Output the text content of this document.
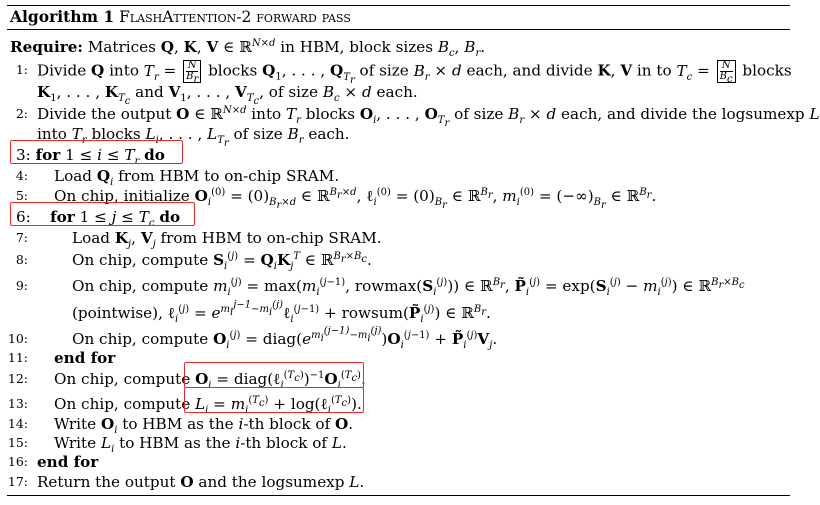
Algorithm 1 FlashAttention-2 forward pass
Require: Matrices Q, K, V ∈ ℝ$^{N\times d}$ in HBM, block sizes $B_c$, $B_r$.
1: Divide Q into $T_r = \frac{N}{B_r}$ blocks $Q_1$, . . . , $Q_{T_r}$ of size $B_r \times d$ each, and divide K, V in to $T_c = \frac{N}{B_c}$ blocks
$K_1$, . . . , $K_{T_c}$ and $V_1$, . . . , $V_{T_c}$, of size $B_c \times d$ each.
2: Divide the output O ∈ ℝ$^{N\times d}$ into $T_r$ blocks $O_i$, . . . , $O_{T_r}$ of size $B_r \times d$ each, and divide the logsumexp L
into $T_r$ blocks $L_i$, . . . , $L_{T_r}$ of size $B_r$ each.
3: for $1 \le i \le T_r$ do
4: Load $Q_i$ from HBM to on-chip SRAM.
5: On chip, initialize $O_i^{(0)} = (0)_{B_r\times d}$ ∈ ℝ$^{B_r\times d}$, ℓ$_i^{(0)}$ = $(0)_{B_r}$ ∈ ℝ$^{B_r}$, $m_i^{(0)} = (-\infty)_{B_r}$ ∈ ℝ$^{B_r}$.
6:    for $1 \le j \le T_c$ do
7:	Load $K_j$, $V_j$ from HBM to on-chip SRAM.
8:	On chip, compute $S_i^{(j)} = Q_iK_j^T$ ∈ ℝ$^{B_r\times B_c}$.
9:	On chip, compute $m_i^{(j)} = \max(m_i^{(j-1)}$, $rowmax(S_i^{(j)})$) ∈ ℝ$^{B_r}$, $P̃_i^{(j)} = \exp(S_i^{(j)} - m_i^{(j)})$ ∈ ℝ$^{B_r\times B_c}$
(pointwise), ℓ$_i^{(j)}$ = $e^{m_i^{j-1}-m_i^{(j)}}\ell_i^{(j-1)}$ + $rowsum(P̃_i^{(j)})$ ∈ ℝ$^{B_r}$.
10:	On chip, compute $O_i^{(j)}$ = $diag(e^{m_i^{(j-1)}-m_i^{(j)}})O_i^{(j-1)}$ + $P̃_i^{(j)}V_j$.
11: end for
12: On chip, compute $O_i$ = $diag(\ell_i^{(T_c)})^{-1}O_i^{(T_c)}$.
13: On chip, compute $L_i = m_i^{(T_c)}$ + log(ℓ$_i^{(T_c)}$).
14: Write $O_i$ to HBM as the i-th block of O.
15: Write $L_i$ to HBM as the i-th block of L.
16: end for
17: Return the output O and the logsumexp L.
